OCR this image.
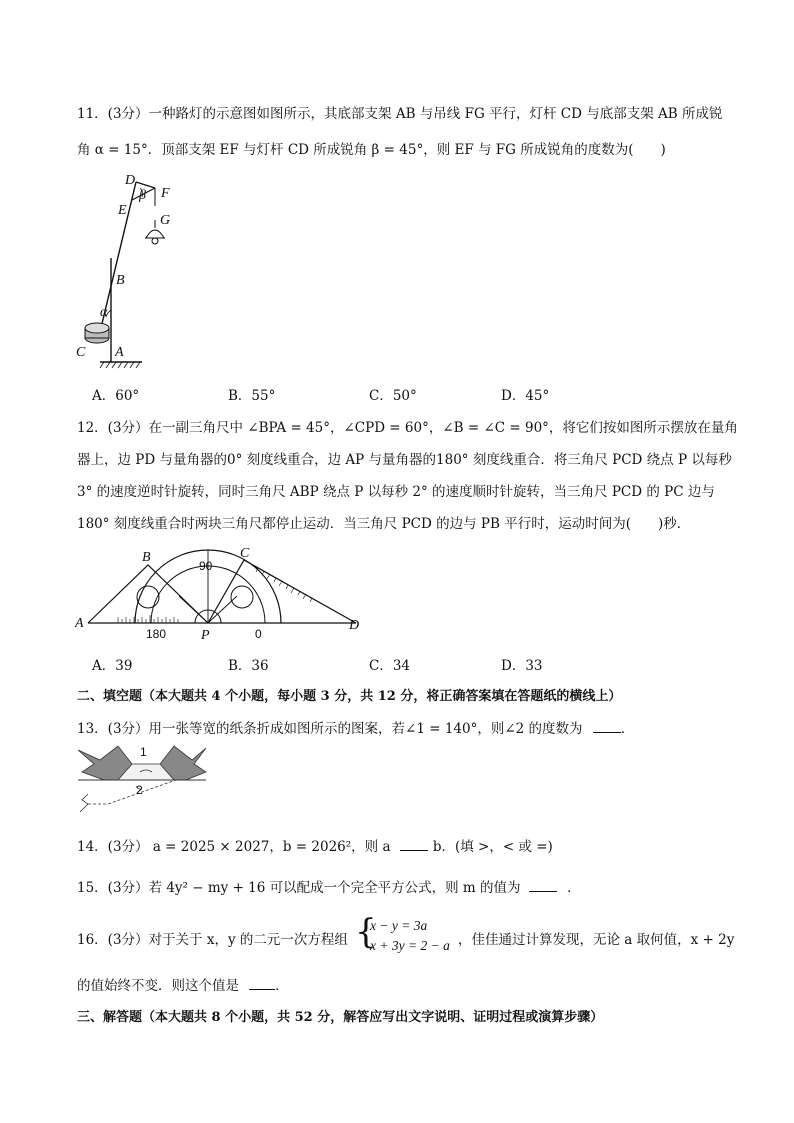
11．(3分）一种路灯的示意图如图所示，其底部支架 AB 与吊线 FG 平行，灯杆 CD 与底部支架 AB 所成锐
角 α = 15°．顶部支架 EF 与灯杆 CD 所成锐角 β = 45°，则 EF 与 FG 所成锐角的度数为(　　)
D
β F
E
G
B
α
C A
A．60°	B．55°	C．50°	D．45°
12．(3分）在一副三角尺中 ∠BPA = 45°，∠CPD = 60°，∠B = ∠C = 90°，将它们按如图所示摆放在量角
器上，边 PD 与量角器的0° 刻度线重合，边 AP 与量角器的180° 刻度线重合．将三角尺 PCD 绕点 P 以每秒
3° 的速度逆时针旋转，同时三角尺 ABP 绕点 P 以每秒 2° 的速度顺时针旋转，当三角尺 PCD 的 PC 边与
180° 刻度线重合时两块三角尺都停止运动．当三角尺 PCD 的边与 PB 平行时，运动时间为(　　)秒．
B	C
A
P
D
90
180	0
A．39	B．36	C．34	D．33
二、填空题（本大题共 4 个小题，每小题 3 分，共 12 分，将正确答案填在答题纸的横线上）
13．(3分）用一张等宽的纸条折成如图所示的图案，若∠1 = 140°，则∠2 的度数为	．
1
2
14．(3分） a = 2025 × 2027，b = 2026²，则 a	b．(填 >，< 或 =)
15．(3分）若 4y² − my + 16 可以配成一个完全平方公式，则 m 的值为	．
16．(3分）对于关于 x，y 的二元一次方程组 {
x − y = 3a
x + 3y = 2 − a ，佳佳通过计算发现，无论 a 取何值，x + 2y
的值始终不变．则这个值是	．
三、解答题（本大题共 8 个小题，共 52 分，解答应写出文字说明、证明过程或演算步骤）
